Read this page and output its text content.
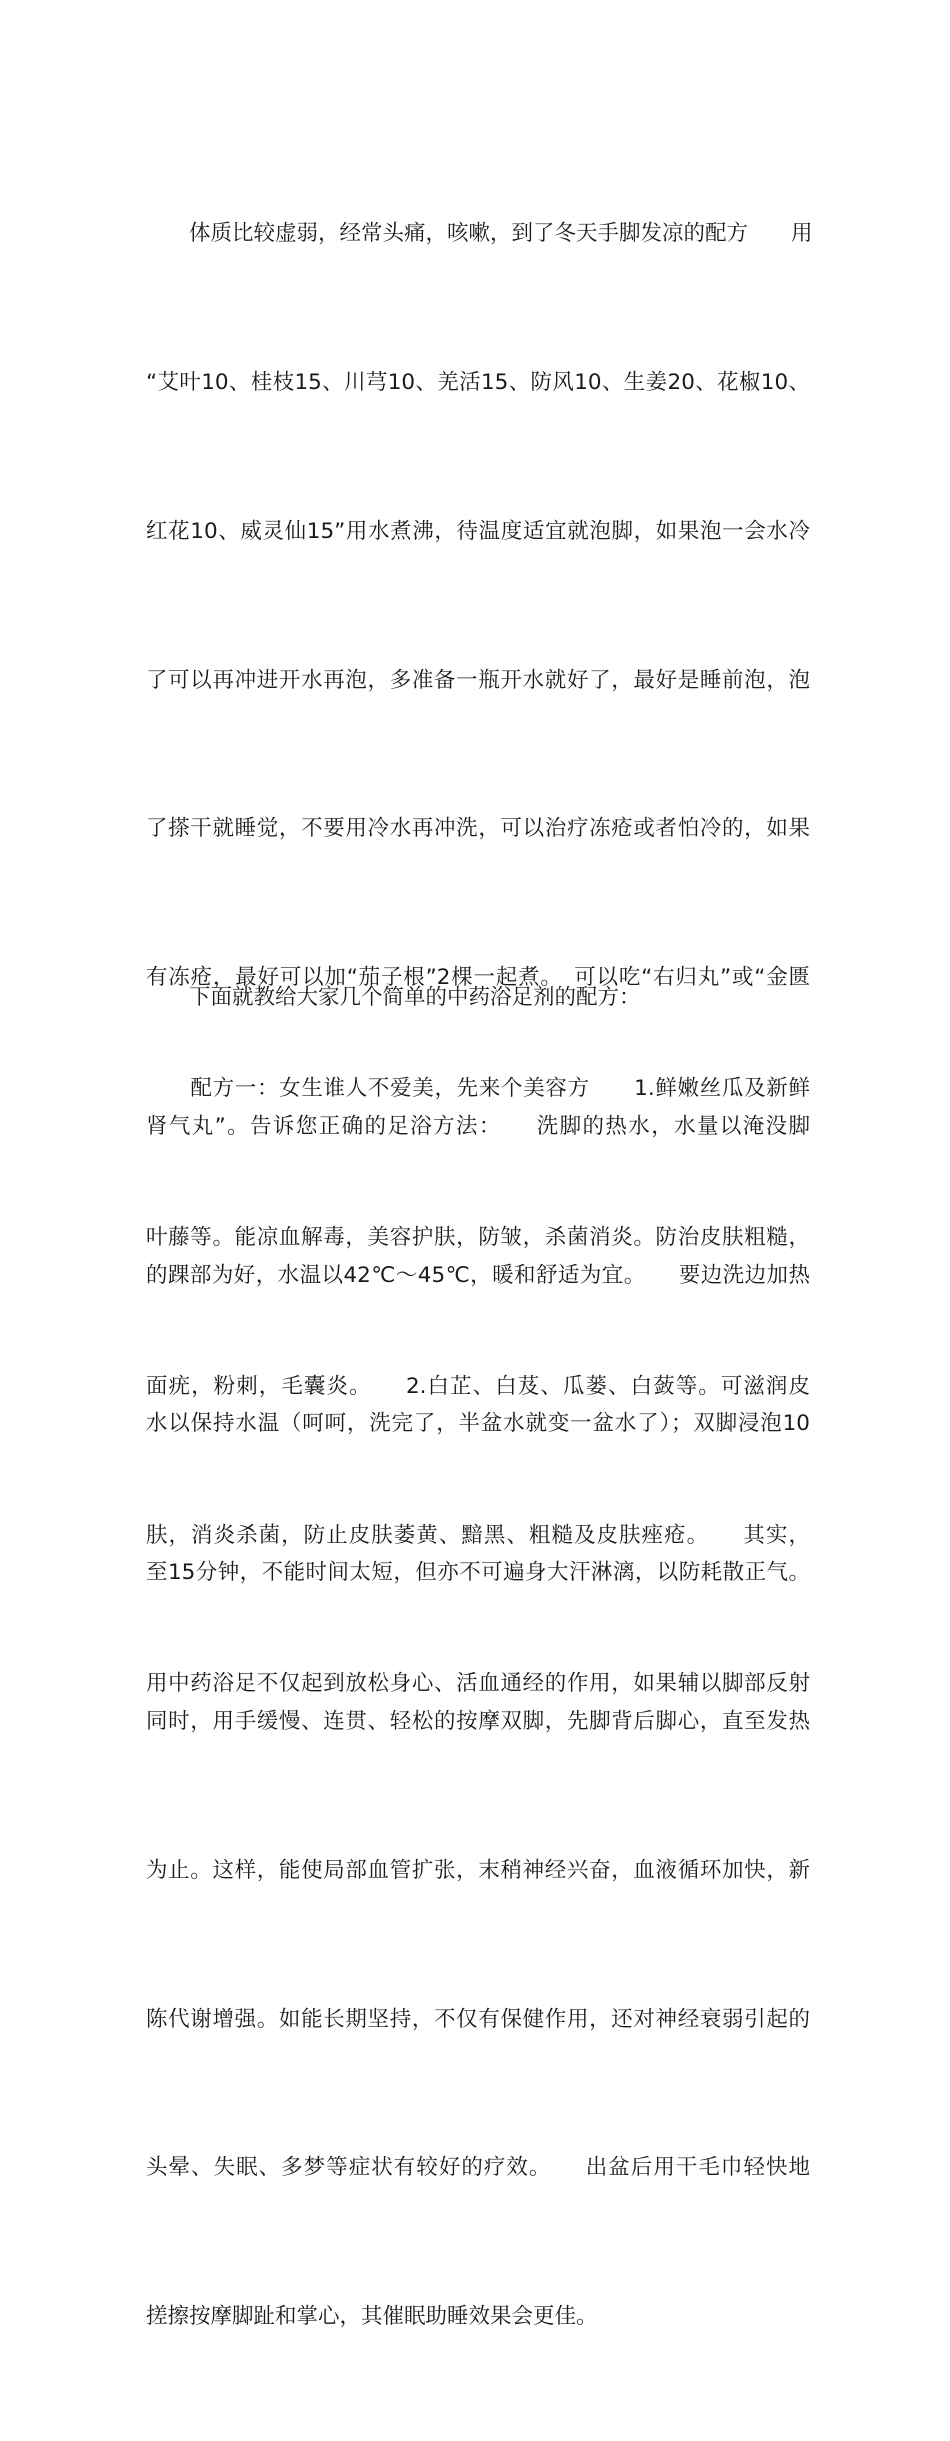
　　体质比较虚弱，经常头痛，咳嗽，到了冬天手脚发凉的配方　　用

“艾叶10、桂枝15、川芎10、羌活15、防风10、生姜20、花椒10、

红花10、威灵仙15”用水煮沸，待温度适宜就泡脚，如果泡一会水冷

了可以再冲进开水再泡，多准备一瓶开水就好了，最好是睡前泡，泡

了搽干就睡觉，不要用冷水再冲洗，可以治疗冻疮或者怕冷的，如果

有冻疮，最好可以加“茄子根”2棵一起煮。　可以吃“右归丸”或“金匮

肾气丸”。告诉您正确的足浴方法：　　洗脚的热水，水量以淹没脚

的踝部为好，水温以42℃～45℃，暖和舒适为宜。　　要边洗边加热

水以保持水温（呵呵，洗完了，半盆水就变一盆水了）；双脚浸泡10

至15分钟，不能时间太短，但亦不可遍身大汗淋漓，以防耗散正气。

同时，用手缓慢、连贯、轻松的按摩双脚，先脚背后脚心，直至发热

为止。这样，能使局部血管扩张，末稍神经兴奋，血液循环加快，新

陈代谢增强。如能长期坚持，不仅有保健作用，还对神经衰弱引起的

头晕、失眠、多梦等症状有较好的疗效。　　出盆后用干毛巾轻快地

搓擦按摩脚趾和掌心，其催眠助睡效果会更佳。

　　下面就教给大家几个简单的中药浴足剂的配方：

　　配方一：女生谁人不爱美，先来个美容方　　1.鲜嫩丝瓜及新鲜

叶藤等。能凉血解毒，美容护肤，防皱，杀菌消炎。防治皮肤粗糙，

面疣，粉刺，毛囊炎。　　2.白芷、白芨、瓜蒌、白蔹等。可滋润皮

肤，消炎杀菌，防止皮肤萎黄、黯黑、粗糙及皮肤痤疮。　　其实，

用中药浴足不仅起到放松身心、活血通经的作用，如果辅以脚部反射
